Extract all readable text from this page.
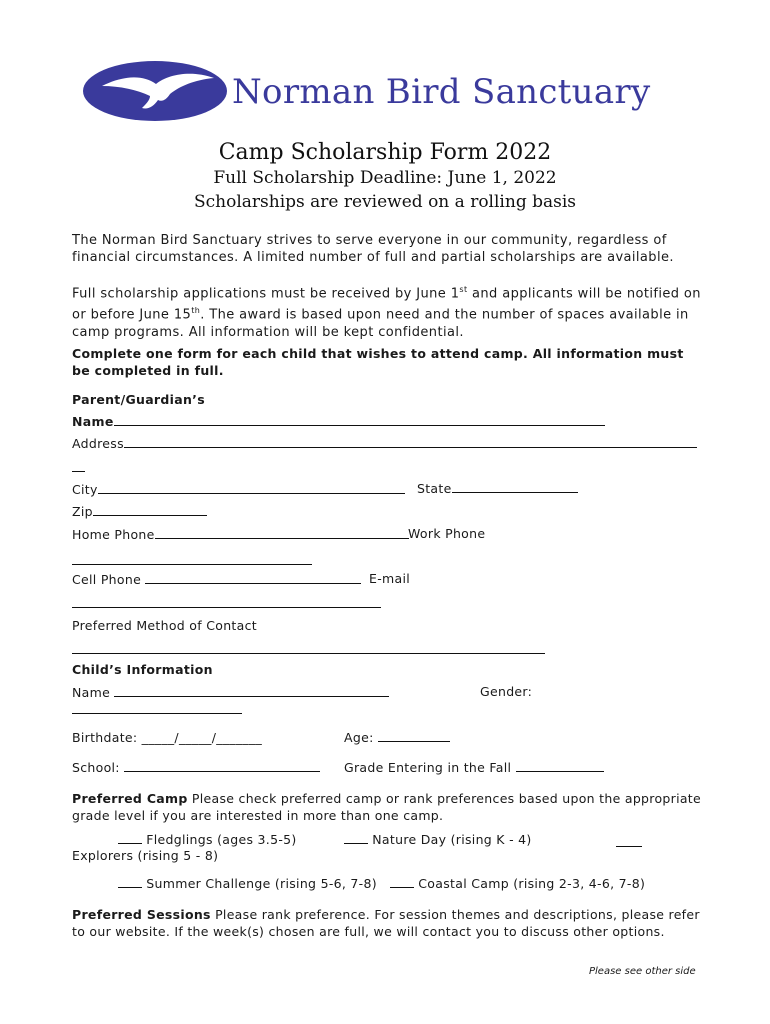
Norman Bird Sanctuary
Camp Scholarship Form 2022
Full Scholarship Deadline: June 1, 2022
Scholarships are reviewed on a rolling basis
The Norman Bird Sanctuary strives to serve everyone in our community, regardless of financial circumstances. A limited number of full and partial scholarships are available.
Full scholarship applications must be received by June 1st and applicants will be notified on or before June 15th. The award is based upon need and the number of spaces available in camp programs. All information will be kept confidential.
Complete one form for each child that wishes to attend camp. All information must be completed in full.
Parent/Guardian’s
Name
Address
City	State
Zip
Home Phone	Work Phone
Cell Phone	E-mail
Preferred Method of Contact
Child’s Information
Name	Gender:
Birthdate: _____/_____/_______	Age:
School:	Grade Entering in the Fall
Preferred Camp Please check preferred camp or rank preferences based upon the appropriate grade level if you are interested in more than one camp.
Fledglings (ages 3.5-5)	Nature Day (rising K - 4)
Explorers (rising 5 - 8)
Summer Challenge (rising 5-6, 7-8)	Coastal Camp (rising 2-3, 4-6, 7-8)
Preferred Sessions Please rank preference. For session themes and descriptions, please refer to our website. If the week(s) chosen are full, we will contact you to discuss other options.
Please see other side
